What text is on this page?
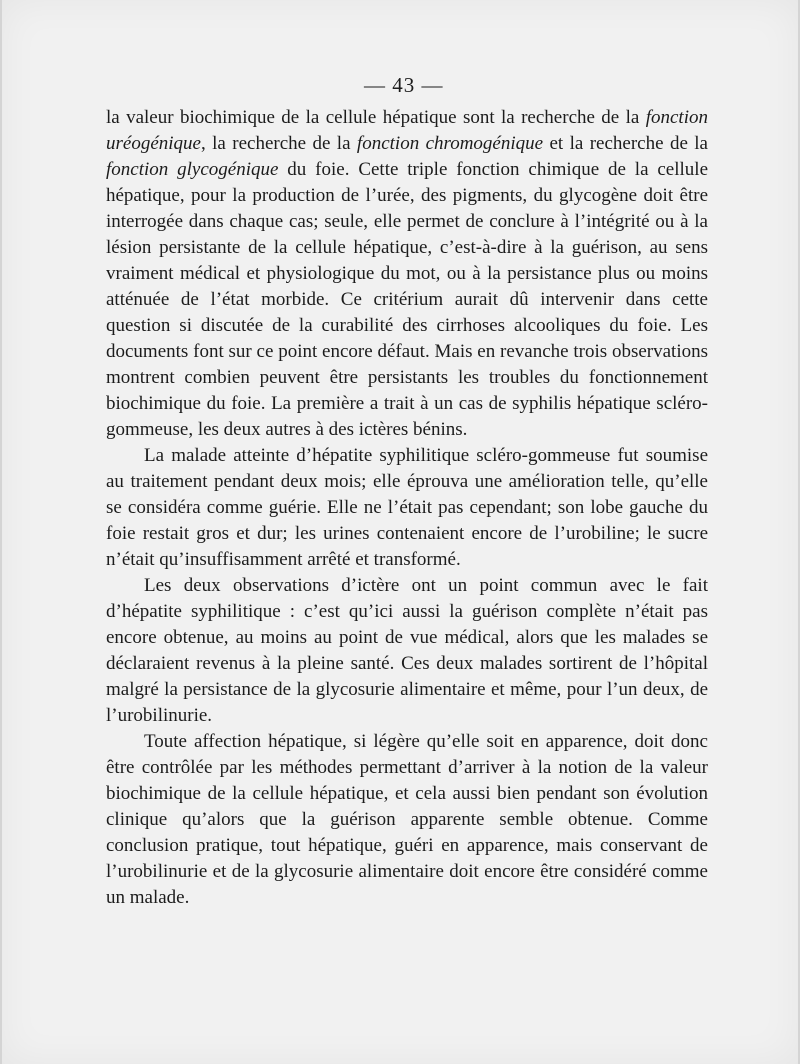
— 43 —

la valeur biochimique de la cellule hépatique sont la recherche de la fonction uréogénique, la recherche de la fonction chromogénique et la recherche de la fonction glycogénique du foie. Cette triple fonction chimique de la cellule hépatique, pour la production de l’urée, des pigments, du glycogène doit être interrogée dans chaque cas; seule, elle permet de conclure à l’intégrité ou à la lésion persistante de la cellule hépatique, c’est-à-dire à la guérison, au sens vraiment médical et physiologique du mot, ou à la persistance plus ou moins atténuée de l’état morbide. Ce critérium aurait dû intervenir dans cette question si discutée de la curabilité des cirrhoses alcooliques du foie. Les documents font sur ce point encore défaut. Mais en revanche trois observations montrent combien peuvent être persistants les troubles du fonctionnement biochimique du foie. La première a trait à un cas de syphilis hépatique scléro-gommeuse, les deux autres à des ictères bénins.

La malade atteinte d’hépatite syphilitique scléro-gommeuse fut soumise au traitement pendant deux mois; elle éprouva une amélioration telle, qu’elle se considéra comme guérie. Elle ne l’était pas cependant; son lobe gauche du foie restait gros et dur; les urines contenaient encore de l’urobiline; le sucre n’était qu’insuffisamment arrêté et transformé.

Les deux observations d’ictère ont un point commun avec le fait d’hépatite syphilitique : c’est qu’ici aussi la guérison complète n’était pas encore obtenue, au moins au point de vue médical, alors que les malades se déclaraient revenus à la pleine santé. Ces deux malades sortirent de l’hôpital malgré la persistance de la glycosurie alimentaire et même, pour l’un deux, de l’urobilinurie.

Toute affection hépatique, si légère qu’elle soit en apparence, doit donc être contrôlée par les méthodes permettant d’arriver à la notion de la valeur biochimique de la cellule hépatique, et cela aussi bien pendant son évolution clinique qu’alors que la guérison apparente semble obtenue. Comme conclusion pratique, tout hépatique, guéri en apparence, mais conservant de l’urobilinurie et de la glycosurie alimentaire doit encore être considéré comme un malade.
